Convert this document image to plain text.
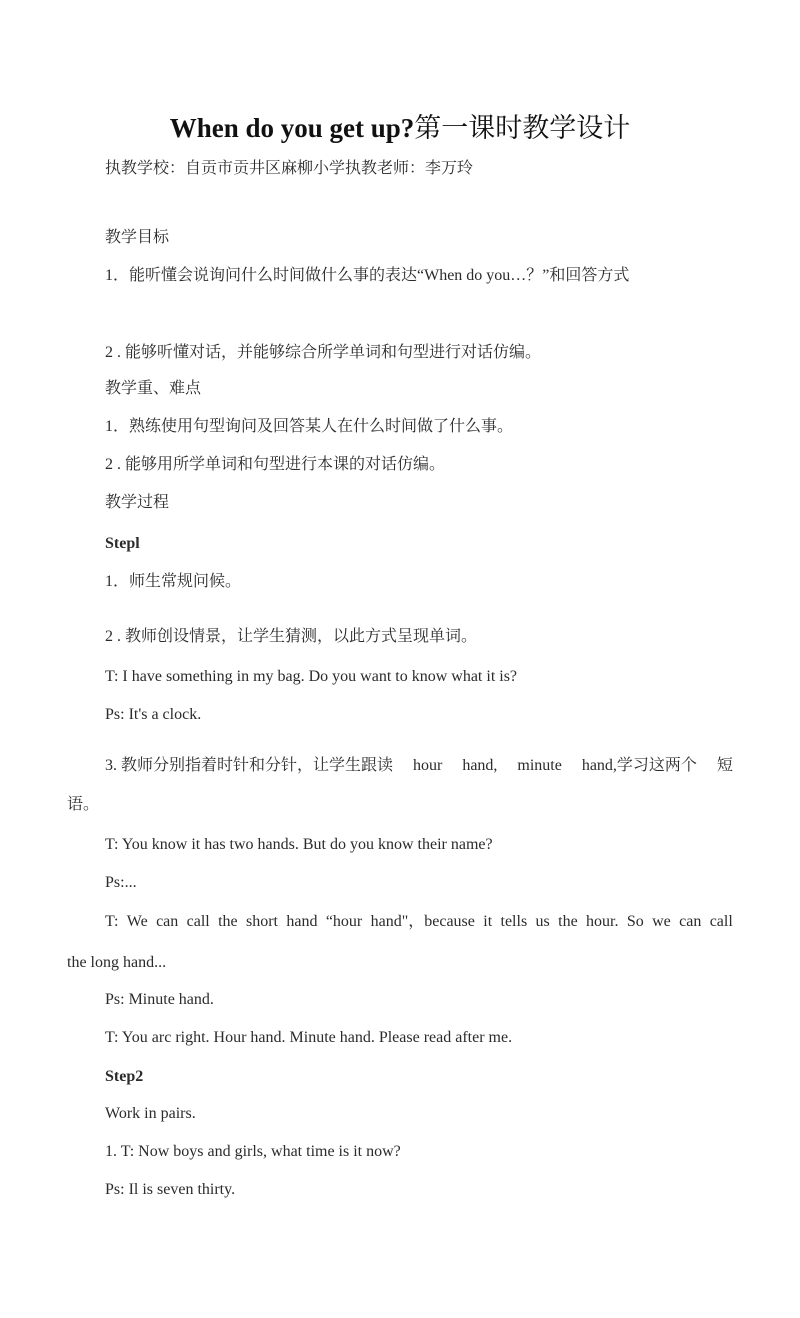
When do you get up?第一课时教学设计
执教学校：自贡市贡井区麻柳小学执教老师：李万玲
教学目标
1．能听懂会说询问什么时间做什么事的表达“When do you…？”和回答方式
2 . 能够听懂对话，并能够综合所学单词和句型进行对话仿编。
教学重、难点
1．熟练使用句型询问及回答某人在什么时间做了什么事。
2 . 能够用所学单词和句型进行本课的对话仿编。
教学过程
Stepl
1．师生常规问候。
2 . 教师创设情景，让学生猜测，以此方式呈现单词。
T: I have something in my bag. Do you want to know what it is?
Ps: It's a clock.
3. 教师分别指着时针和分针，让学生跟读 hour hand, minute hand,学习这两个 短
语。
T: You know it has two hands. But do you know their name?
Ps:...
T: We can call the short hand “hour hand"，because it tells us the hour. So we can call
the long hand...
Ps: Minute hand.
T: You arc right. Hour hand. Minute hand. Please read after me.
Step2
Work in pairs.
1. T: Now boys and girls, what time is it now?
Ps: Il is seven thirty.
